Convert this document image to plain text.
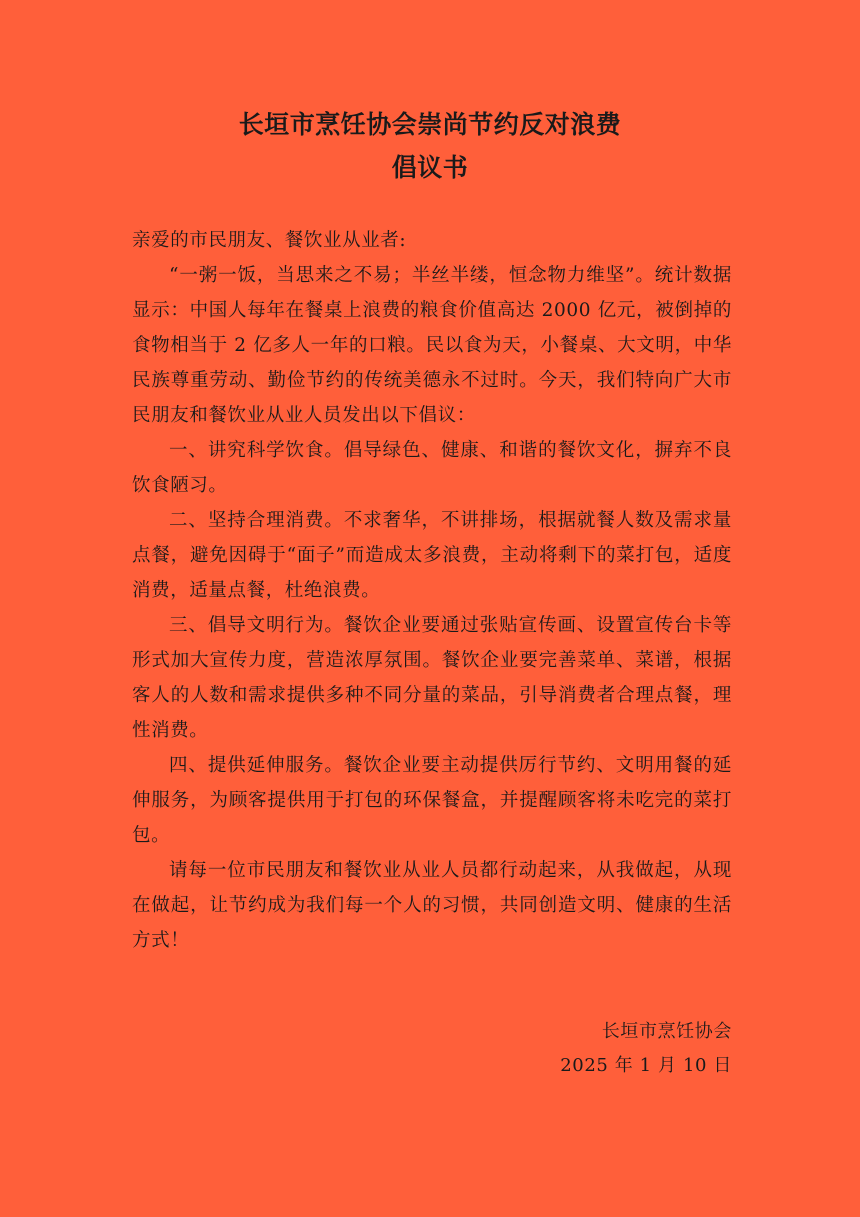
长垣市烹饪协会崇尚节约反对浪费
倡议书

亲爱的市民朋友、餐饮业从业者:

“一粥一饭，当思来之不易；半丝半缕，恒念物力维坚”。统计数据显示：中国人每年在餐桌上浪费的粮食价值高达 2000 亿元，被倒掉的食物相当于 2 亿多人一年的口粮。民以食为天，小餐桌、大文明，中华民族尊重劳动、勤俭节约的传统美德永不过时。今天，我们特向广大市民朋友和餐饮业从业人员发出以下倡议：

一、讲究科学饮食。倡导绿色、健康、和谐的餐饮文化，摒弃不良饮食陋习。

二、坚持合理消费。不求奢华，不讲排场，根据就餐人数及需求量点餐，避免因碍于“面子”而造成太多浪费，主动将剩下的菜打包，适度消费，适量点餐，杜绝浪费。

三、倡导文明行为。餐饮企业要通过张贴宣传画、设置宣传台卡等形式加大宣传力度，营造浓厚氛围。餐饮企业要完善菜单、菜谱，根据客人的人数和需求提供多种不同分量的菜品，引导消费者合理点餐，理性消费。

四、提供延伸服务。餐饮企业要主动提供厉行节约、文明用餐的延伸服务，为顾客提供用于打包的环保餐盒，并提醒顾客将未吃完的菜打包。

请每一位市民朋友和餐饮业从业人员都行动起来，从我做起，从现在做起，让节约成为我们每一个人的习惯，共同创造文明、健康的生活方式！

长垣市烹饪协会
2025 年 1 月 10 日
